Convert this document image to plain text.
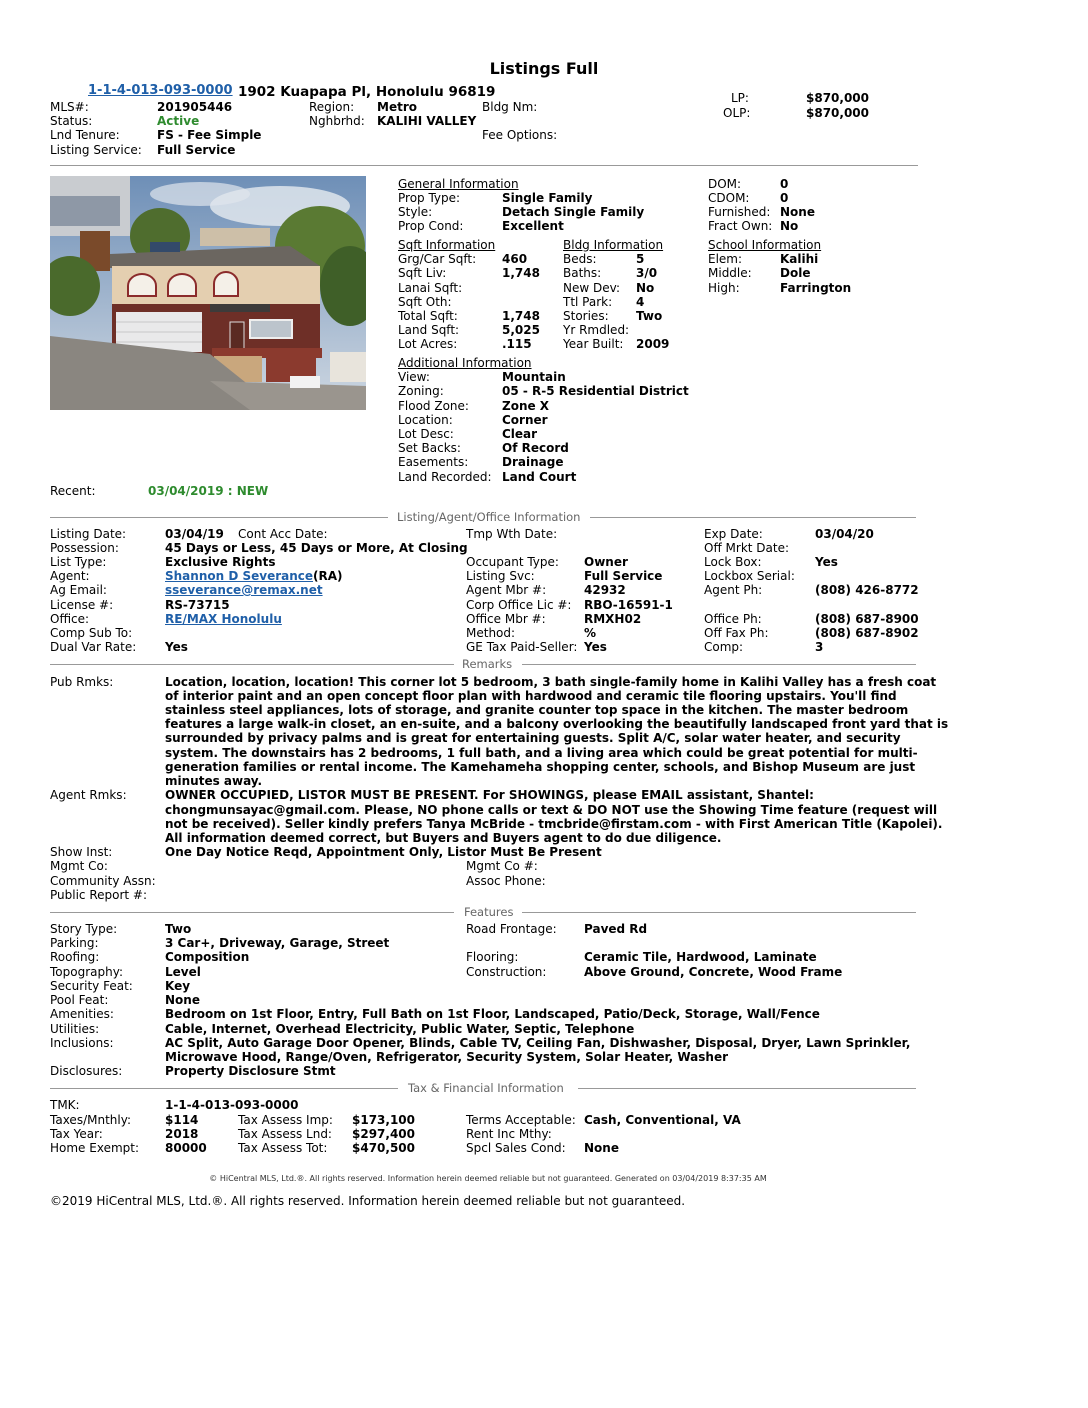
Listings Full
1-1-4-013-093-0000 1902 Kuapapa Pl, Honolulu 96819
MLS#:	201905446
Status:	Active
Lnd Tenure:	FS - Fee Simple
Listing Service: Full Service
Region: Metro
Nghbrhd: KALIHI VALLEY
Bldg Nm:
Fee Options:
LP:	$870,000
OLP:	$870,000
General Information
Prop Type:	Single Family
Style:	Detach Single Family
Prop Cond:	Excellent
DOM:	0
CDOM:	0
Furnished: None
Fract Own: No
Sqft Information
Grg/Car Sqft: 460
Sqft Liv:	1,748
Lanai Sqft:
Sqft Oth:
Total Sqft:	1,748
Land Sqft:	5,025
Lot Acres:	.115
Bldg Information
Beds:	5
Baths:	3/0
New Dev: No
Ttl Park: 4
Stories: Two
Yr Rmdled:
Year Built: 2009
School Information
Elem:	Kalihi
Middle: Dole
High:	Farrington
Additional Information
View:	Mountain
Zoning:	05 - R-5 Residential District
Flood Zone:	Zone X
Location:	Corner
Lot Desc:	Clear
Set Backs:	Of Record
Easements:	Drainage
Land Recorded: Land Court
Recent:	03/04/2019 : NEW
Listing/Agent/Office Information
Listing Date:	03/04/19 Cont Acc Date:	Tmp Wth Date:	Exp Date:	03/04/20
Possession:	45 Days or Less, 45 Days or More, At Closing	Off Mrkt Date:
List Type:	Exclusive Rights	Occupant Type: Owner	Lock Box:	Yes
Agent:	Shannon D Severance(RA)	Listing Svc:	Full Service	Lockbox Serial:
Ag Email:	sseverance@remax.net	Agent Mbr #:	42932	Agent Ph:	(808) 426-8772
License #:	RS-73715	Corp Office Lic #: RBO-16591-1
Office:	RE/MAX Honolulu	Office Mbr #:	RMXH02	Office Ph:	(808) 687-8900
Comp Sub To:	Method:	%	Off Fax Ph:	(808) 687-8902
Dual Var Rate: Yes	GE Tax Paid-Seller: Yes	Comp:	3
Remarks
Pub Rmks:	Location, location, location! This corner lot 5 bedroom, 3 bath single-family home in Kalihi Valley has a fresh coat
of interior paint and an open concept floor plan with hardwood and ceramic tile flooring upstairs. You'll find
stainless steel appliances, lots of storage, and granite counter top space in the kitchen. The master bedroom
features a large walk-in closet, an en-suite, and a balcony overlooking the beautifully landscaped front yard that is
surrounded by privacy palms and is great for entertaining guests. Split A/C, solar water heater, and security
system. The downstairs has 2 bedrooms, 1 full bath, and a living area which could be great potential for multi-
generation families or rental income. The Kamehameha shopping center, schools, and Bishop Museum are just
minutes away.
Agent Rmks:	OWNER OCCUPIED, LISTOR MUST BE PRESENT. For SHOWINGS, please EMAIL assistant, Shantel:
chongmunsayac@gmail.com. Please, NO phone calls or text & DO NOT use the Showing Time feature (request will
not be received). Seller kindly prefers Tanya McBride - tmcbride@firstam.com - with First American Title (Kapolei).
All information deemed correct, but Buyers and Buyers agent to do due diligence.
Show Inst:	One Day Notice Reqd, Appointment Only, Listor Must Be Present
Mgmt Co:	Mgmt Co #:
Community Assn:	Assoc Phone:
Public Report #:
Features
Story Type:	Two	Road Frontage: Paved Rd
Parking:	3 Car+, Driveway, Garage, Street
Roofing:	Composition	Flooring:	Ceramic Tile, Hardwood, Laminate
Topography:	Level	Construction:	Above Ground, Concrete, Wood Frame
Security Feat:	Key
Pool Feat:	None
Amenities:	Bedroom on 1st Floor, Entry, Full Bath on 1st Floor, Landscaped, Patio/Deck, Storage, Wall/Fence
Utilities:	Cable, Internet, Overhead Electricity, Public Water, Septic, Telephone
Inclusions:	AC Split, Auto Garage Door Opener, Blinds, Cable TV, Ceiling Fan, Dishwasher, Disposal, Dryer, Lawn Sprinkler,
Microwave Hood, Range/Oven, Refrigerator, Security System, Solar Heater, Washer
Disclosures:	Property Disclosure Stmt
Tax & Financial Information
TMK:	1-1-4-013-093-0000
Taxes/Mnthly:	$114	Tax Assess Imp: $173,100	Terms Acceptable: Cash, Conventional, VA
Tax Year:	2018	Tax Assess Lnd: $297,400	Rent Inc Mthy:
Home Exempt: 80000	Tax Assess Tot: $470,500	Spcl Sales Cond: None
© HiCentral MLS, Ltd.®. All rights reserved. Information herein deemed reliable but not guaranteed. Generated on 03/04/2019 8:37:35 AM
©2019 HiCentral MLS, Ltd.®. All rights reserved. Information herein deemed reliable but not guaranteed.
